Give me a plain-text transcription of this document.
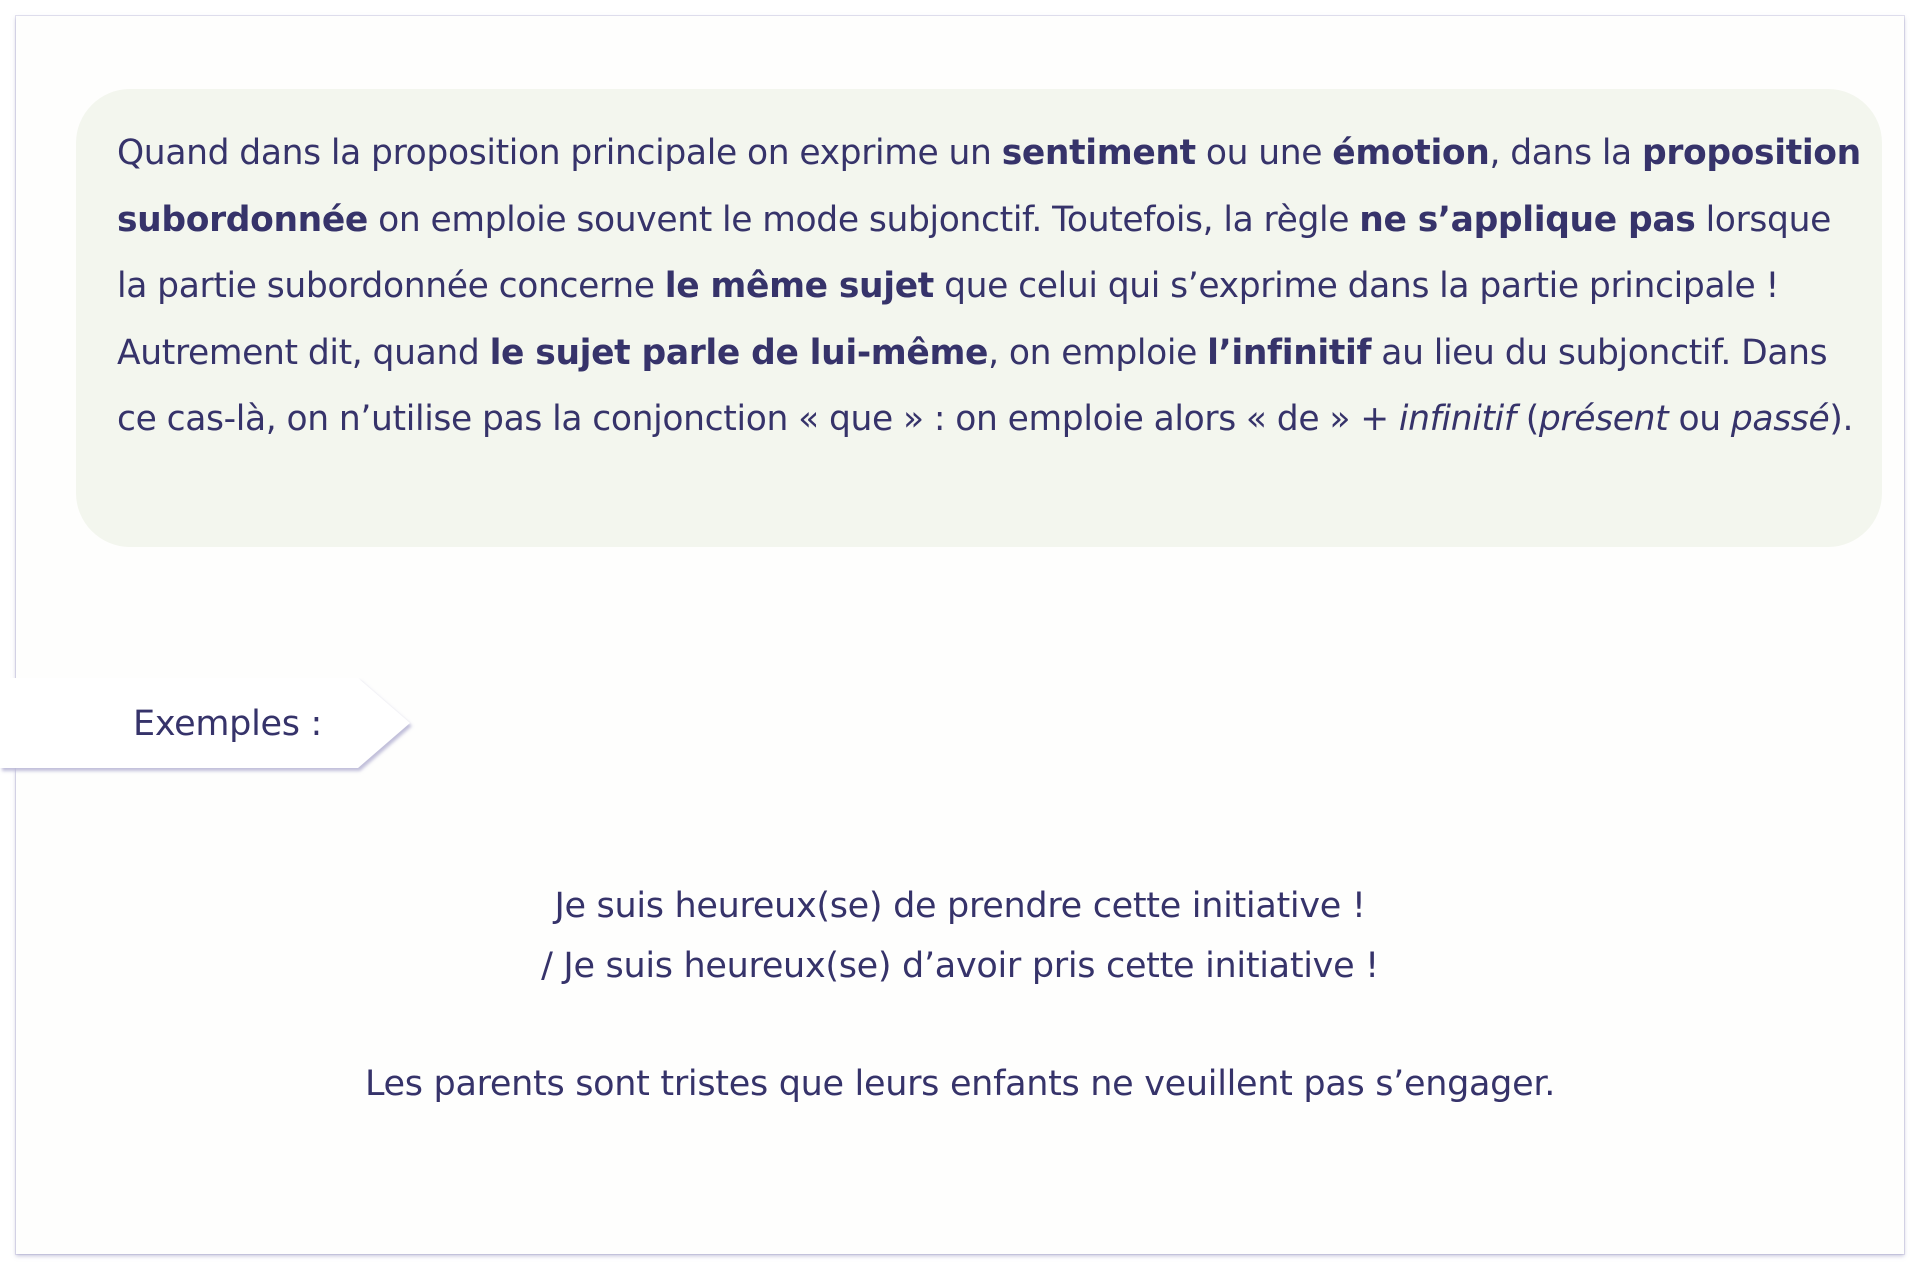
Quand dans la proposition principale on exprime un sentiment ou une émotion, dans la proposition subordonnée on emploie souvent le mode subjonctif. Toutefois, la règle ne s’applique pas lorsque la partie subordonnée concerne le même sujet que celui qui s’exprime dans la partie principale ! Autrement dit, quand le sujet parle de lui-même, on emploie l’infinitif au lieu du subjonctif. Dans ce cas-là, on n’utilise pas la conjonction « que » : on emploie alors « de » + infinitif (présent ou passé).

Exemples :
Je suis heureux(se) de prendre cette initiative !
/ Je suis heureux(se) d’avoir pris cette initiative !
Les parents sont tristes que leurs enfants ne veuillent pas s’engager.
